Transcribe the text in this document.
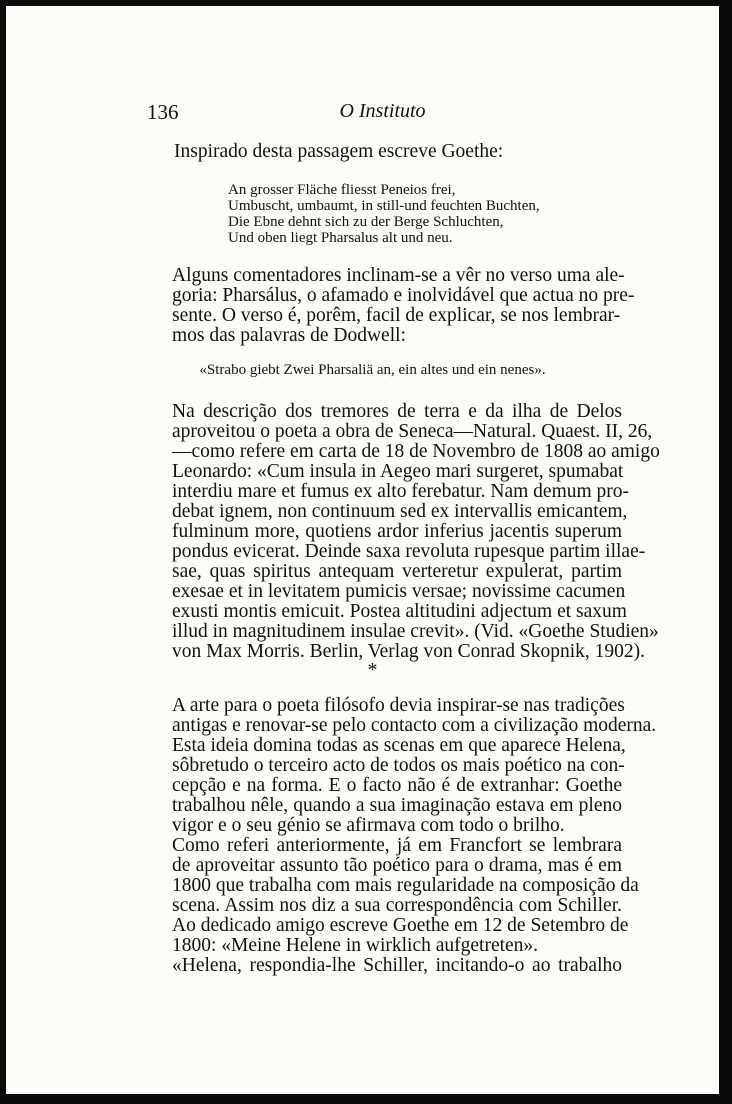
136	O Instituto
Inspirado desta passagem escreve Goethe:
An grosser Fläche fliesst Peneios frei,
Umbuscht, umbaumt, in still-und feuchten Buchten,
Die Ebne dehnt sich zu der Berge Schluchten,
Und oben liegt Pharsalus alt und neu.
Alguns comentadores inclinam-se a vêr no verso uma ale-
goria: Pharsálus, o afamado e inolvidável que actua no pre-
sente. O verso é, porêm, facil de explicar, se nos lembrar-
mos das palavras de Dodwell:
«Strabo giebt Zwei Pharsaliä an, ein altes und ein nenes».
Na descrição dos tremores de terra e da ilha de Delos
aproveitou o poeta a obra de Seneca—Natural. Quaest. II, 26,
—como refere em carta de 18 de Novembro de 1808 ao amigo
Leonardo: «Cum insula in Aegeo mari surgeret, spumabat
interdiu mare et fumus ex alto ferebatur. Nam demum pro-
debat ignem, non continuum sed ex intervallis emicantem,
fulminum more, quotiens ardor inferius jacentis superum
pondus evicerat. Deinde saxa revoluta rupesque partim illae-
sae, quas spiritus antequam verteretur expulerat, partim
exesae et in levitatem pumicis versae; novissime cacumen
exusti montis emicuit. Postea altitudini adjectum et saxum
illud in magnitudinem insulae crevit». (Vid. «Goethe Studien»
von Max Morris. Berlin, Verlag von Conrad Skopnik, 1902).
*
A arte para o poeta filósofo devia inspirar-se nas tradições
antigas e renovar-se pelo contacto com a civilização moderna.
Esta ideia domina todas as scenas em que aparece Helena,
sôbretudo o terceiro acto de todos os mais poético na con-
cepção e na forma. E o facto não é de extranhar: Goethe
trabalhou nêle, quando a sua imaginação estava em pleno
vigor e o seu génio se afirmava com todo o brilho.
Como referi anteriormente, já em Francfort se lembrara
de aproveitar assunto tão poético para o drama, mas é em
1800 que trabalha com mais regularidade na composição da
scena. Assim nos diz a sua correspondência com Schiller.
Ao dedicado amigo escreve Goethe em 12 de Setembro de
1800: «Meine Helene in wirklich aufgetreten».
«Helena, respondia-lhe Schiller, incitando-o ao trabalho
